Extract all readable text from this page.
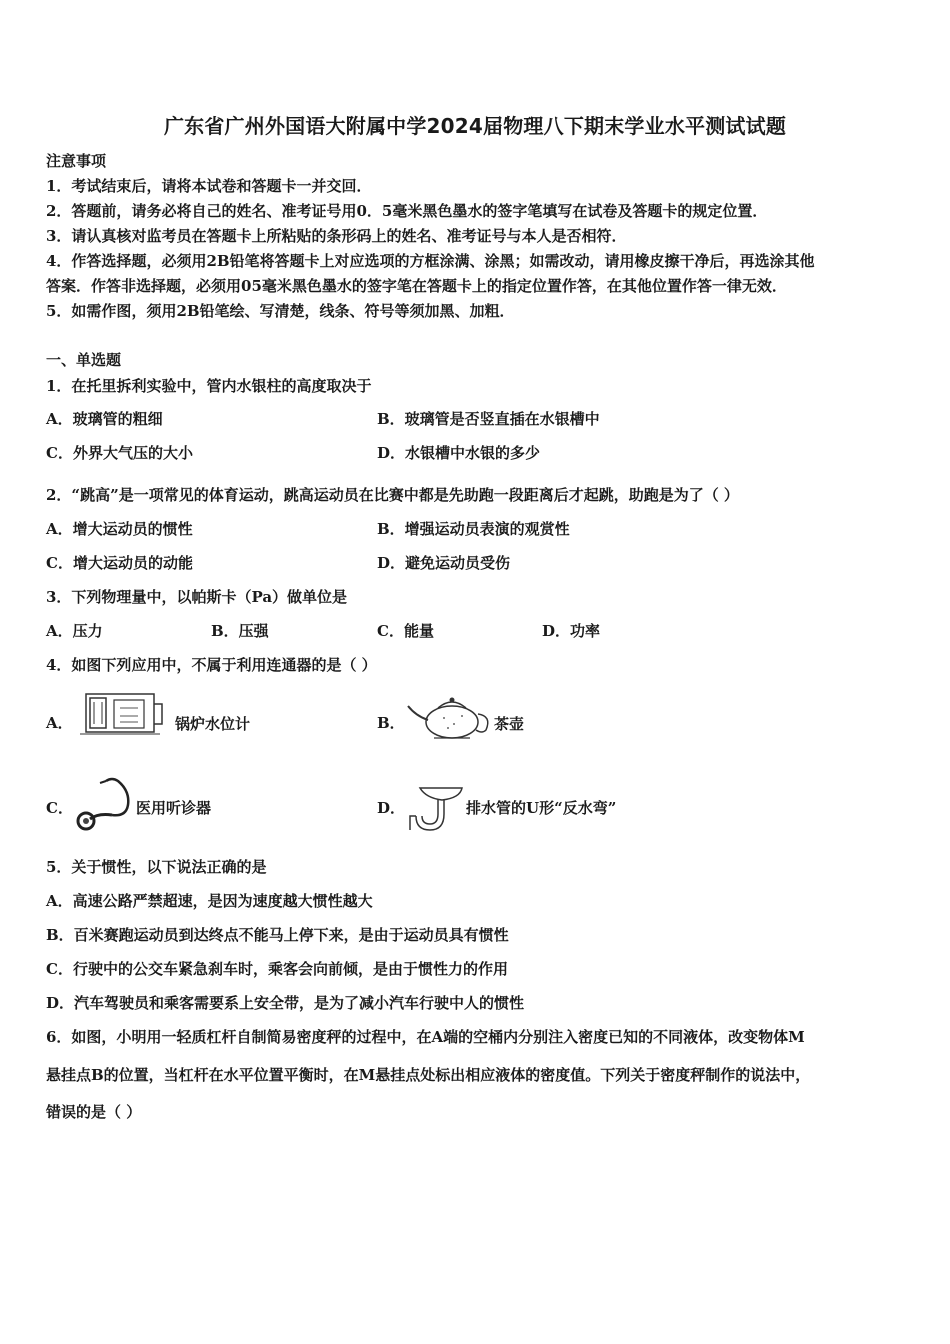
广东省广州外国语大附属中学2024届物理八下期末学业水平测试试题
注意事项
1．考试结束后，请将本试卷和答题卡一并交回．
2．答题前，请务必将自己的姓名、准考证号用0．5毫米黑色墨水的签字笔填写在试卷及答题卡的规定位置．
3．请认真核对监考员在答题卡上所粘贴的条形码上的姓名、准考证号与本人是否相符．
4．作答选择题，必须用2B铅笔将答题卡上对应选项的方框涂满、涂黑；如需改动，请用橡皮擦干净后，再选涂其他
答案．作答非选择题，必须用05毫米黑色墨水的签字笔在答题卡上的指定位置作答，在其他位置作答一律无效．
5．如需作图，须用2B铅笔绘、写清楚，线条、符号等须加黑、加粗．
一、单选题
1．在托里拆利实验中，管内水银柱的高度取决于
A．玻璃管的粗细	B．玻璃管是否竖直插在水银槽中
C．外界大气压的大小	D．水银槽中水银的多少
2．“跳高”是一项常见的体育运动，跳高运动员在比赛中都是先助跑一段距离后才起跳，助跑是为了（ ）
A．增大运动员的惯性	B．增强运动员表演的观赏性
C．增大运动员的动能	D．避免运动员受伤
3．下列物理量中，以帕斯卡（Pa）做单位是
A．压力	B．压强	C．能量	D．功率
4．如图下列应用中，不属于利用连通器的是（ ）
A．	锅炉水位计	B．	茶壶
C．	医用听诊器	D．	排水管的U形“反水弯”
5．关于惯性，以下说法正确的是
A．高速公路严禁超速，是因为速度越大惯性越大
B．百米赛跑运动员到达终点不能马上停下来，是由于运动员具有惯性
C．行驶中的公交车紧急刹车时，乘客会向前倾，是由于惯性力的作用
D．汽车驾驶员和乘客需要系上安全带，是为了减小汽车行驶中人的惯性
6．如图，小明用一轻质杠杆自制简易密度秤的过程中，在A端的空桶内分别注入密度已知的不同液体，改变物体M
悬挂点B的位置，当杠杆在水平位置平衡时，在M悬挂点处标出相应液体的密度值。下列关于密度秤制作的说法中，
错误的是（ ）
